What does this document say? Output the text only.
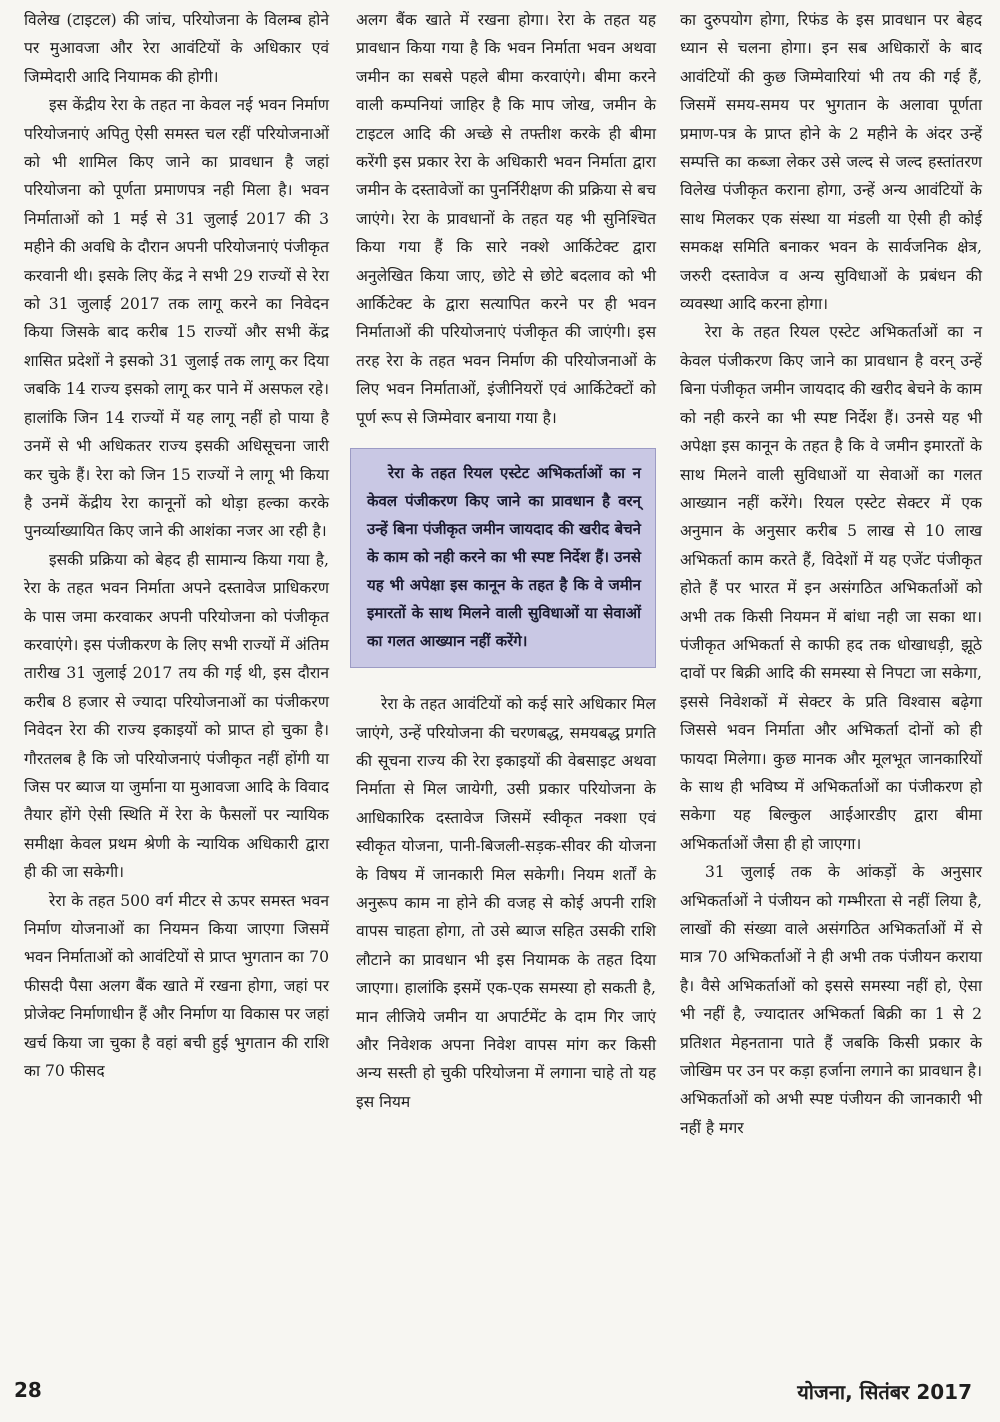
विलेख (टाइटल) की जांच, परियोजना के विलम्ब होने पर मुआवजा और रेरा आवंटियों के अधिकार एवं जिम्मेदारी आदि नियामक की होगी।

इस केंद्रीय रेरा के तहत ना केवल नई भवन निर्माण परियोजनाएं अपितु ऐसी समस्त चल रहीं परियोजनाओं को भी शामिल किए जाने का प्रावधान है जहां परियोजना को पूर्णता प्रमाणपत्र नही मिला है। भवन निर्माताओं को 1 मई से 31 जुलाई 2017 की 3 महीने की अवधि के दौरान अपनी परियोजनाएं पंजीकृत करवानी थी। इसके लिए केंद्र ने सभी 29 राज्यों से रेरा को 31 जुलाई 2017 तक लागू करने का निवेदन किया जिसके बाद करीब 15 राज्यों और सभी केंद्र शासित प्रदेशों ने इसको 31 जुलाई तक लागू कर दिया जबकि 14 राज्य इसको लागू कर पाने में असफल रहे। हालांकि जिन 14 राज्यों में यह लागू नहीं हो पाया है उनमें से भी अधिकतर राज्य इसकी अधिसूचना जारी कर चुके हैं। रेरा को जिन 15 राज्यों ने लागू भी किया है उनमें केंद्रीय रेरा कानूनों को थोड़ा हल्का करके पुनर्व्याख्यायित किए जाने की आशंका नजर आ रही है।

इसकी प्रक्रिया को बेहद ही सामान्य किया गया है, रेरा के तहत भवन निर्माता अपने दस्तावेज प्राधिकरण के पास जमा करवाकर अपनी परियोजना को पंजीकृत करवाएंगे। इस पंजीकरण के लिए सभी राज्यों में अंतिम तारीख 31 जुलाई 2017 तय की गई थी, इस दौरान करीब 8 हजार से ज्यादा परियोजनाओं का पंजीकरण निवेदन रेरा की राज्य इकाइयों को प्राप्त हो चुका है। गौरतलब है कि जो परियोजनाएं पंजीकृत नहीं होंगी या जिस पर ब्याज या जुर्माना या मुआवजा आदि के विवाद तैयार होंगे ऐसी स्थिति में रेरा के फैसलों पर न्यायिक समीक्षा केवल प्रथम श्रेणी के न्यायिक अधिकारी द्वारा ही की जा सकेगी।

रेरा के तहत 500 वर्ग मीटर से ऊपर समस्त भवन निर्माण योजनाओं का नियमन किया जाएगा जिसमें भवन निर्माताओं को आवंटियों से प्राप्त भुगतान का 70 फीसदी पैसा अलग बैंक खाते में रखना होगा, जहां पर प्रोजेक्ट निर्माणाधीन हैं और निर्माण या विकास पर जहां खर्च किया जा चुका है वहां बची हुई भुगतान की राशि का 70 फीसद

अलग बैंक खाते में रखना होगा। रेरा के तहत यह प्रावधान किया गया है कि भवन निर्माता भवन अथवा जमीन का सबसे पहले बीमा करवाएंगे। बीमा करने वाली कम्पनियां जाहिर है कि माप जोख, जमीन के टाइटल आदि की अच्छे से तफ्तीश करके ही बीमा करेंगी इस प्रकार रेरा के अधिकारी भवन निर्माता द्वारा जमीन के दस्तावेजों का पुनर्निरीक्षण की प्रक्रिया से बच जाएंगे। रेरा के प्रावधानों के तहत यह भी सुनिश्चित किया गया हैं कि सारे नक्शे आर्किटेक्ट द्वारा अनुलेखित किया जाए, छोटे से छोटे बदलाव को भी आर्किटेक्ट के द्वारा सत्यापित करने पर ही भवन निर्माताओं की परियोजनाएं पंजीकृत की जाएंगी। इस तरह रेरा के तहत भवन निर्माण की परियोजनाओं के लिए भवन निर्माताओं, इंजीनियरों एवं आर्किटेक्टों को पूर्ण रूप से जिम्मेवार बनाया गया है।

रेरा के तहत रियल एस्टेट अभिकर्ताओं का न केवल पंजीकरण किए जाने का प्रावधान है वरन् उन्हें बिना पंजीकृत जमीन जायदाद की खरीद बेचने के काम को नही करने का भी स्पष्ट निर्देश हैं। उनसे यह भी अपेक्षा इस कानून के तहत है कि वे जमीन इमारतों के साथ मिलने वाली सुविधाओं या सेवाओं का गलत आख्यान नहीं करेंगे।

रेरा के तहत आवंटियों को कई सारे अधिकार मिल जाएंगे, उन्हें परियोजना की चरणबद्ध, समयबद्ध प्रगति की सूचना राज्य की रेरा इकाइयों की वेबसाइट अथवा निर्माता से मिल जायेगी, उसी प्रकार परियोजना के आधिकारिक दस्तावेज जिसमें स्वीकृत नक्शा एवं स्वीकृत योजना, पानी-बिजली-सड़क-सीवर की योजना के विषय में जानकारी मिल सकेगी। नियम शर्तों के अनुरूप काम ना होने की वजह से कोई अपनी राशि वापस चाहता होगा, तो उसे ब्याज सहित उसकी राशि लौटाने का प्रावधान भी इस नियामक के तहत दिया जाएगा। हालांकि इसमें एक-एक समस्या हो सकती है, मान लीजिये जमीन या अपार्टमेंट के दाम गिर जाएं और निवेशक अपना निवेश वापस मांग कर किसी अन्य सस्ती हो चुकी परियोजना में लगाना चाहे तो यह इस नियम

का दुरुपयोग होगा, रिफंड के इस प्रावधान पर बेहद ध्यान से चलना होगा। इन सब अधिकारों के बाद आवंटियों की कुछ जिम्मेवारियां भी तय की गई हैं, जिसमें समय-समय पर भुगतान के अलावा पूर्णता प्रमाण-पत्र के प्राप्त होने के 2 महीने के अंदर उन्हें सम्पत्ति का कब्जा लेकर उसे जल्द से जल्द हस्तांतरण विलेख पंजीकृत कराना होगा, उन्हें अन्य आवंटियों के साथ मिलकर एक संस्था या मंडली या ऐसी ही कोई समकक्ष समिति बनाकर भवन के सार्वजनिक क्षेत्र, जरुरी दस्तावेज व अन्य सुविधाओं के प्रबंधन की व्यवस्था आदि करना होगा।

रेरा के तहत रियल एस्टेट अभिकर्ताओं का न केवल पंजीकरण किए जाने का प्रावधान है वरन् उन्हें बिना पंजीकृत जमीन जायदाद की खरीद बेचने के काम को नही करने का भी स्पष्ट निर्देश हैं। उनसे यह भी अपेक्षा इस कानून के तहत है कि वे जमीन इमारतों के साथ मिलने वाली सुविधाओं या सेवाओं का गलत आख्यान नहीं करेंगे। रियल एस्टेट सेक्टर में एक अनुमान के अनुसार करीब 5 लाख से 10 लाख अभिकर्ता काम करते हैं, विदेशों में यह एजेंट पंजीकृत होते हैं पर भारत में इन असंगठित अभिकर्ताओं को अभी तक किसी नियमन में बांधा नही जा सका था। पंजीकृत अभिकर्ता से काफी हद तक धोखाधड़ी, झूठे दावों पर बिक्री आदि की समस्या से निपटा जा सकेगा, इससे निवेशकों में सेक्टर के प्रति विश्वास बढ़ेगा जिससे भवन निर्माता और अभिकर्ता दोनों को ही फायदा मिलेगा। कुछ मानक और मूलभूत जानकारियों के साथ ही भविष्य में अभिकर्ताओं का पंजीकरण हो सकेगा यह बिल्कुल आईआरडीए द्वारा बीमा अभिकर्ताओं जैसा ही हो जाएगा।

31 जुलाई तक के आंकड़ों के अनुसार अभिकर्ताओं ने पंजीयन को गम्भीरता से नहीं लिया है, लाखों की संख्या वाले असंगठित अभिकर्ताओं में से मात्र 70 अभिकर्ताओं ने ही अभी तक पंजीयन कराया है। वैसे अभिकर्ताओं को इससे समस्या नहीं हो, ऐसा भी नहीं है, ज्यादातर अभिकर्ता बिक्री का 1 से 2 प्रतिशत मेहनताना पाते हैं जबकि किसी प्रकार के जोखिम पर उन पर कड़ा हर्जाना लगाने का प्रावधान है। अभिकर्ताओं को अभी स्पष्ट पंजीयन की जानकारी भी नहीं है मगर

28	योजना, सितंबर 2017
